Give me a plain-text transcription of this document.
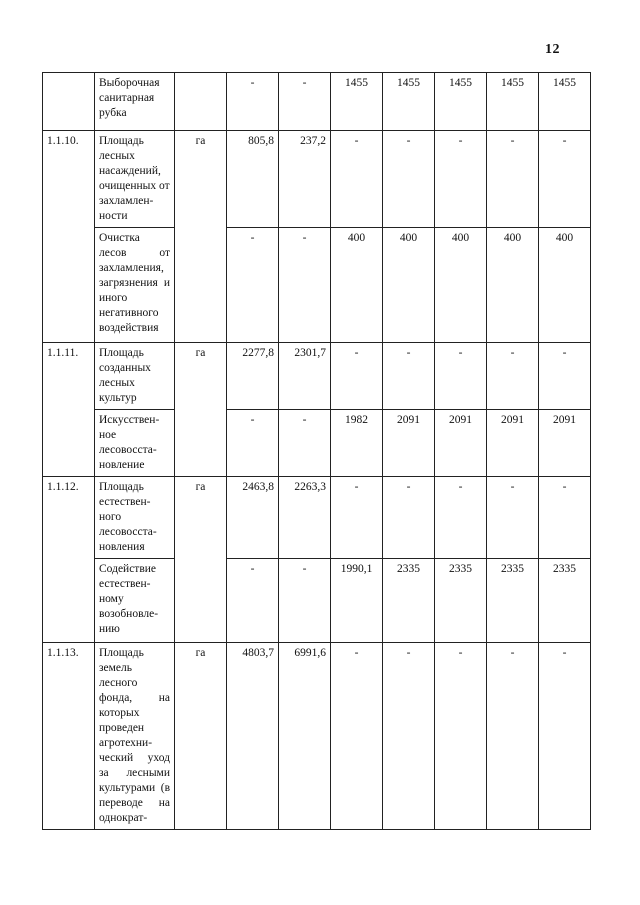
12
	Выборочная санитарная рубка		-	-	1455	1455	1455	1455	1455
1.1.10.	Площадь лесных насаждений, очищенных от захламлен-ности	га	805,8	237,2	-	-	-	-	-
	Очистка лесов от захламления, загрязнения и иного негативного воздействия		-	-	400	400	400	400	400
1.1.11.	Площадь созданных лесных культур	га	2277,8	2301,7	-	-	-	-	-
	Искусствен-ное лесовосста-новление		-	-	1982	2091	2091	2091	2091
1.1.12.	Площадь естествен-ного лесовосста-новления	га	2463,8	2263,3	-	-	-	-	-
	Содействие естествен-ному возобновле-нию		-	-	1990,1	2335	2335	2335	2335
1.1.13.	Площадь земель лесного фонда, на которых проведен агротехни-ческий уход за лесными культурами (в переводе на однократ-	га	4803,7	6991,6	-	-	-	-	-
